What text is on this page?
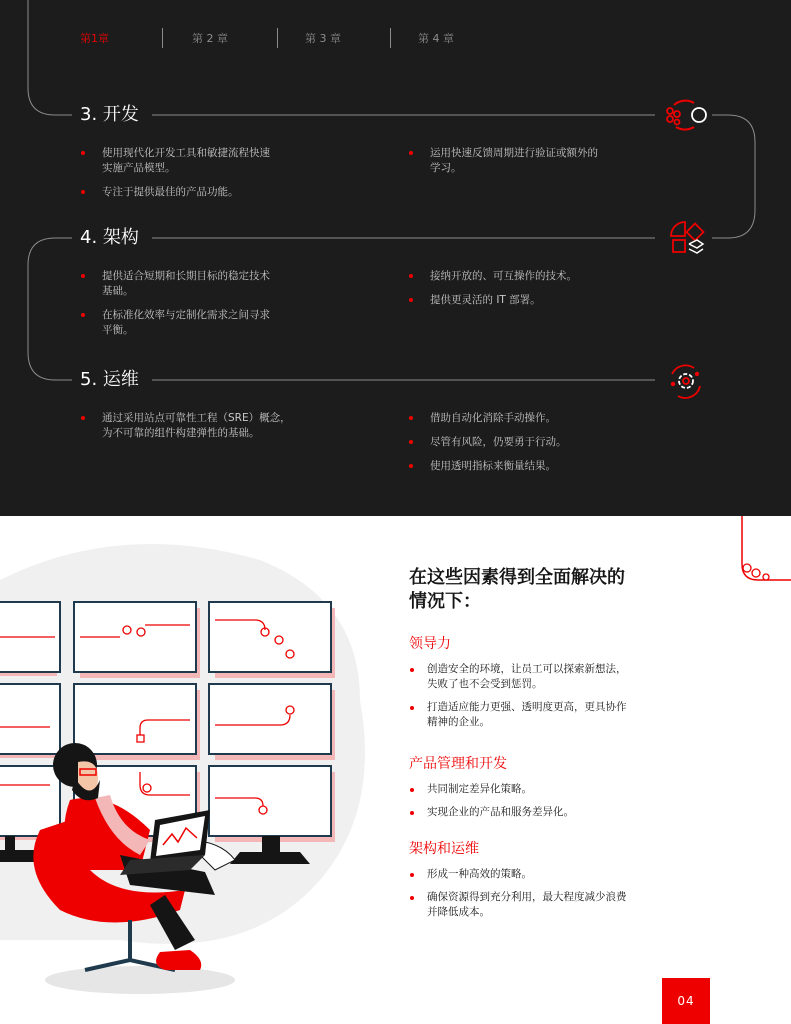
第1章	第 2 章	第 3 章	第 4 章
3. 开发
使用现代化开发工具和敏捷流程快速
实施产品模型。
专注于提供最佳的产品功能。
运用快速反馈周期进行验证或额外的
学习。
4. 架构
提供适合短期和长期目标的稳定技术
基础。
在标准化效率与定制化需求之间寻求
平衡。
接纳开放的、可互操作的技术。
提供更灵活的 IT 部署。
5. 运维
通过采用站点可靠性工程（SRE）概念，
为不可靠的组件构建弹性的基础。
借助自动化消除手动操作。
尽管有风险，仍要勇于行动。
使用透明指标来衡量结果。
在这些因素得到全面解决的
情况下：
领导力
创造安全的环境，让员工可以探索新想法，
失败了也不会受到惩罚。
打造适应能力更强、透明度更高，更具协作
精神的企业。
产品管理和开发
共同制定差异化策略。
实现企业的产品和服务差异化。
架构和运维
形成一种高效的策略。
确保资源得到充分利用，最大程度减少浪费
并降低成本。
04
